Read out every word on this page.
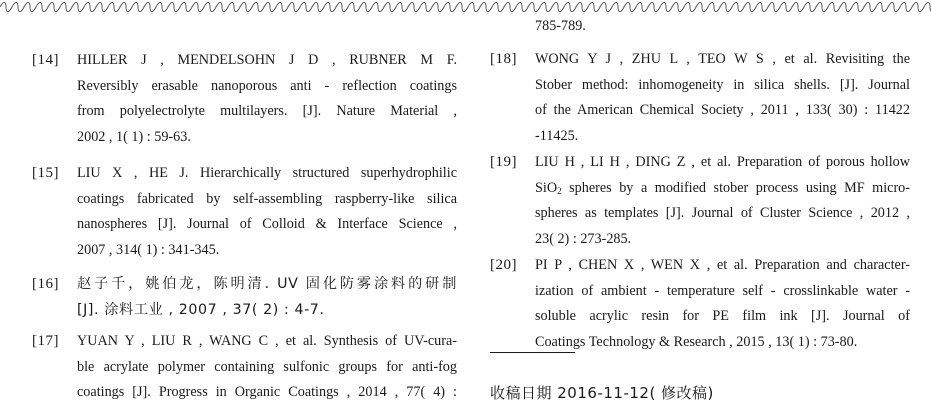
[14] HILLER J , MENDELSOHN J D , RUBNER M F.
Reversibly erasable nanoporous anti - reflection coatings
from polyelectrolyte multilayers. [J]. Nature Material ,
2002 , 1( 1) : 59-63.
[15] LIU X , HE J. Hierarchically structured superhydrophilic
coatings fabricated by self-assembling raspberry-like silica
nanospheres [J]. Journal of Colloid & Interface Science ,
2007 , 314( 1) : 341-345.
[16] 赵子千，姚伯龙，陈明清. UV 固化防雾涂料的研制
[J]. 涂料工业 , 2007 , 37( 2) : 4-7.
[17] YUAN Y , LIU R , WANG C , et al. Synthesis of UV-cura-
ble acrylate polymer containing sulfonic groups for anti-fog
coatings [J]. Progress in Organic Coatings , 2014 , 77( 4) :
785-789.
[18] WONG Y J , ZHU L , TEO W S , et al. Revisiting the
Stober method: inhomogeneity in silica shells. [J]. Journal
of the American Chemical Society , 2011 , 133( 30) : 11422
-11425.
[19] LIU H , LI H , DING Z , et al. Preparation of porous hollow
SiO$_2$ spheres by a modified stober process using MF micro-
spheres as templates [J]. Journal of Cluster Science , 2012 ,
23( 2) : 273-285.
[20] PI P , CHEN X , WEN X , et al. Preparation and character-
ization of ambient - temperature self - crosslinkable water -
soluble acrylic resin for PE film ink [J]. Journal of
Coatings Technology & Research , 2015 , 13( 1) : 73-80.
收稿日期 2016-11-12( 修改稿)
